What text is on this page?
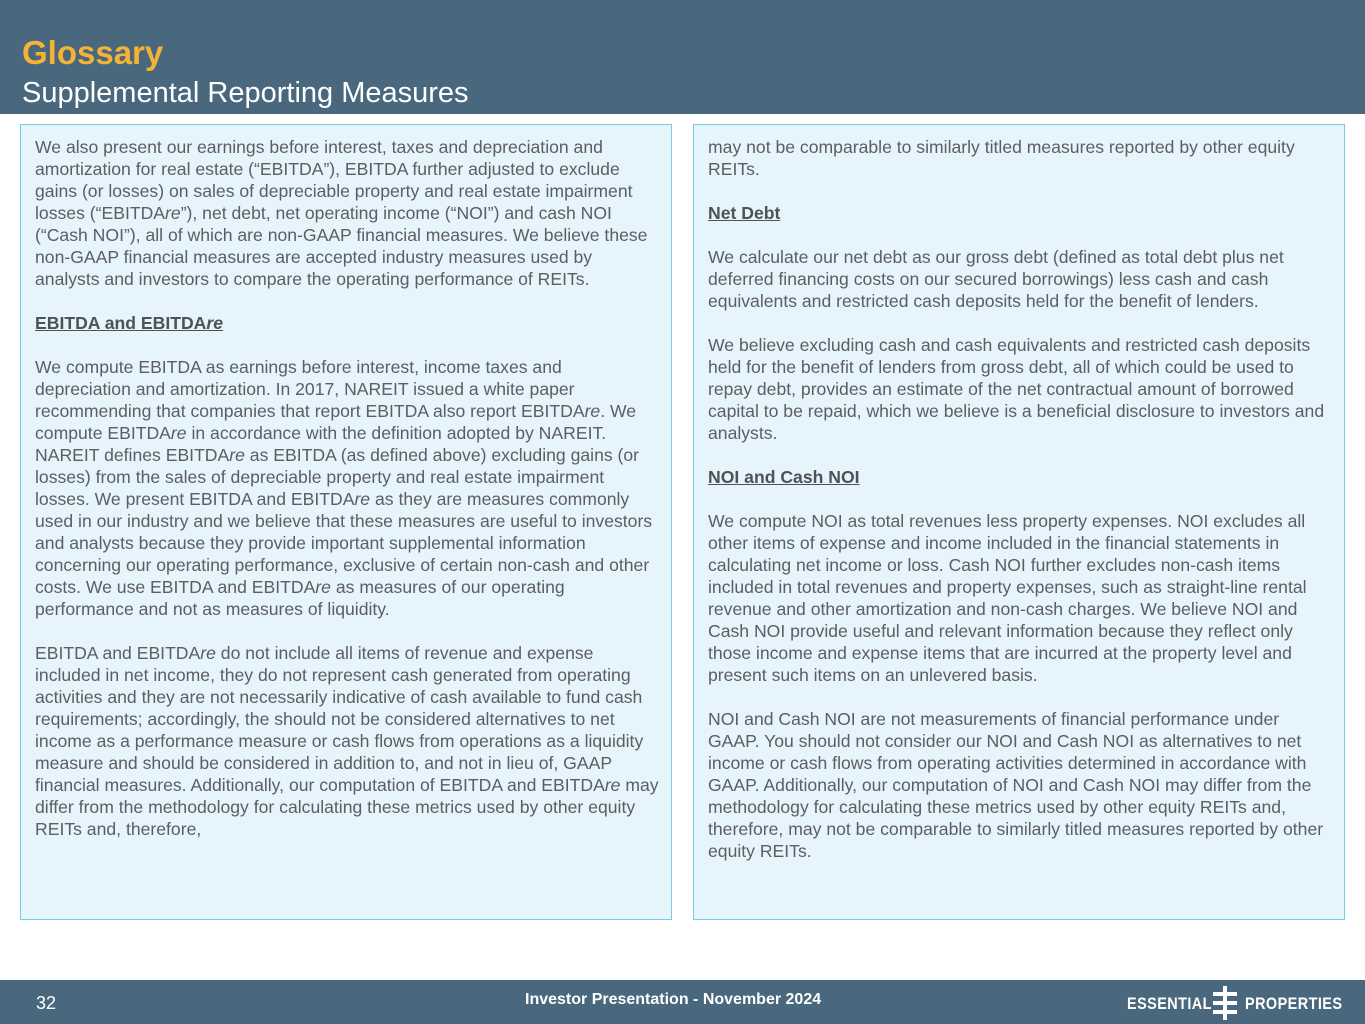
Glossary
Supplemental Reporting Measures

We also present our earnings before interest, taxes and depreciation and amortization for real estate (“EBITDA”), EBITDA further adjusted to exclude gains (or losses) on sales of depreciable property and real estate impairment losses (“EBITDAre”), net debt, net operating income (“NOI”) and cash NOI (“Cash NOI”), all of which are non-GAAP financial measures. We believe these non-GAAP financial measures are accepted industry measures used by analysts and investors to compare the operating performance of REITs.

EBITDA and EBITDAre

We compute EBITDA as earnings before interest, income taxes and depreciation and amortization. In 2017, NAREIT issued a white paper recommending that companies that report EBITDA also report EBITDAre. We compute EBITDAre in accordance with the definition adopted by NAREIT. NAREIT defines EBITDAre as EBITDA (as defined above) excluding gains (or losses) from the sales of depreciable property and real estate impairment losses. We present EBITDA and EBITDAre as they are measures commonly used in our industry and we believe that these measures are useful to investors and analysts because they provide important supplemental information concerning our operating performance, exclusive of certain non-cash and other costs. We use EBITDA and EBITDAre as measures of our operating performance and not as measures of liquidity.

EBITDA and EBITDAre do not include all items of revenue and expense included in net income, they do not represent cash generated from operating activities and they are not necessarily indicative of cash available to fund cash requirements; accordingly, the should not be considered alternatives to net income as a performance measure or cash flows from operations as a liquidity measure and should be considered in addition to, and not in lieu of, GAAP financial measures. Additionally, our computation of EBITDA and EBITDAre may differ from the methodology for calculating these metrics used by other equity REITs and, therefore,

may not be comparable to similarly titled measures reported by other equity REITs.

Net Debt

We calculate our net debt as our gross debt (defined as total debt plus net deferred financing costs on our secured borrowings) less cash and cash equivalents and restricted cash deposits held for the benefit of lenders.

We believe excluding cash and cash equivalents and restricted cash deposits held for the benefit of lenders from gross debt, all of which could be used to repay debt, provides an estimate of the net contractual amount of borrowed capital to be repaid, which we believe is a beneficial disclosure to investors and analysts.

NOI and Cash NOI

We compute NOI as total revenues less property expenses. NOI excludes all other items of expense and income included in the financial statements in calculating net income or loss. Cash NOI further excludes non-cash items included in total revenues and property expenses, such as straight-line rental revenue and other amortization and non-cash charges. We believe NOI and Cash NOI provide useful and relevant information because they reflect only those income and expense items that are incurred at the property level and present such items on an unlevered basis.

NOI and Cash NOI are not measurements of financial performance under GAAP. You should not consider our NOI and Cash NOI as alternatives to net income or cash flows from operating activities determined in accordance with GAAP. Additionally, our computation of NOI and Cash NOI may differ from the methodology for calculating these metrics used by other equity REITs and, therefore, may not be comparable to similarly titled measures reported by other equity REITs.

32	Investor Presentation - November 2024	ESSENTIAL PROPERTIES
